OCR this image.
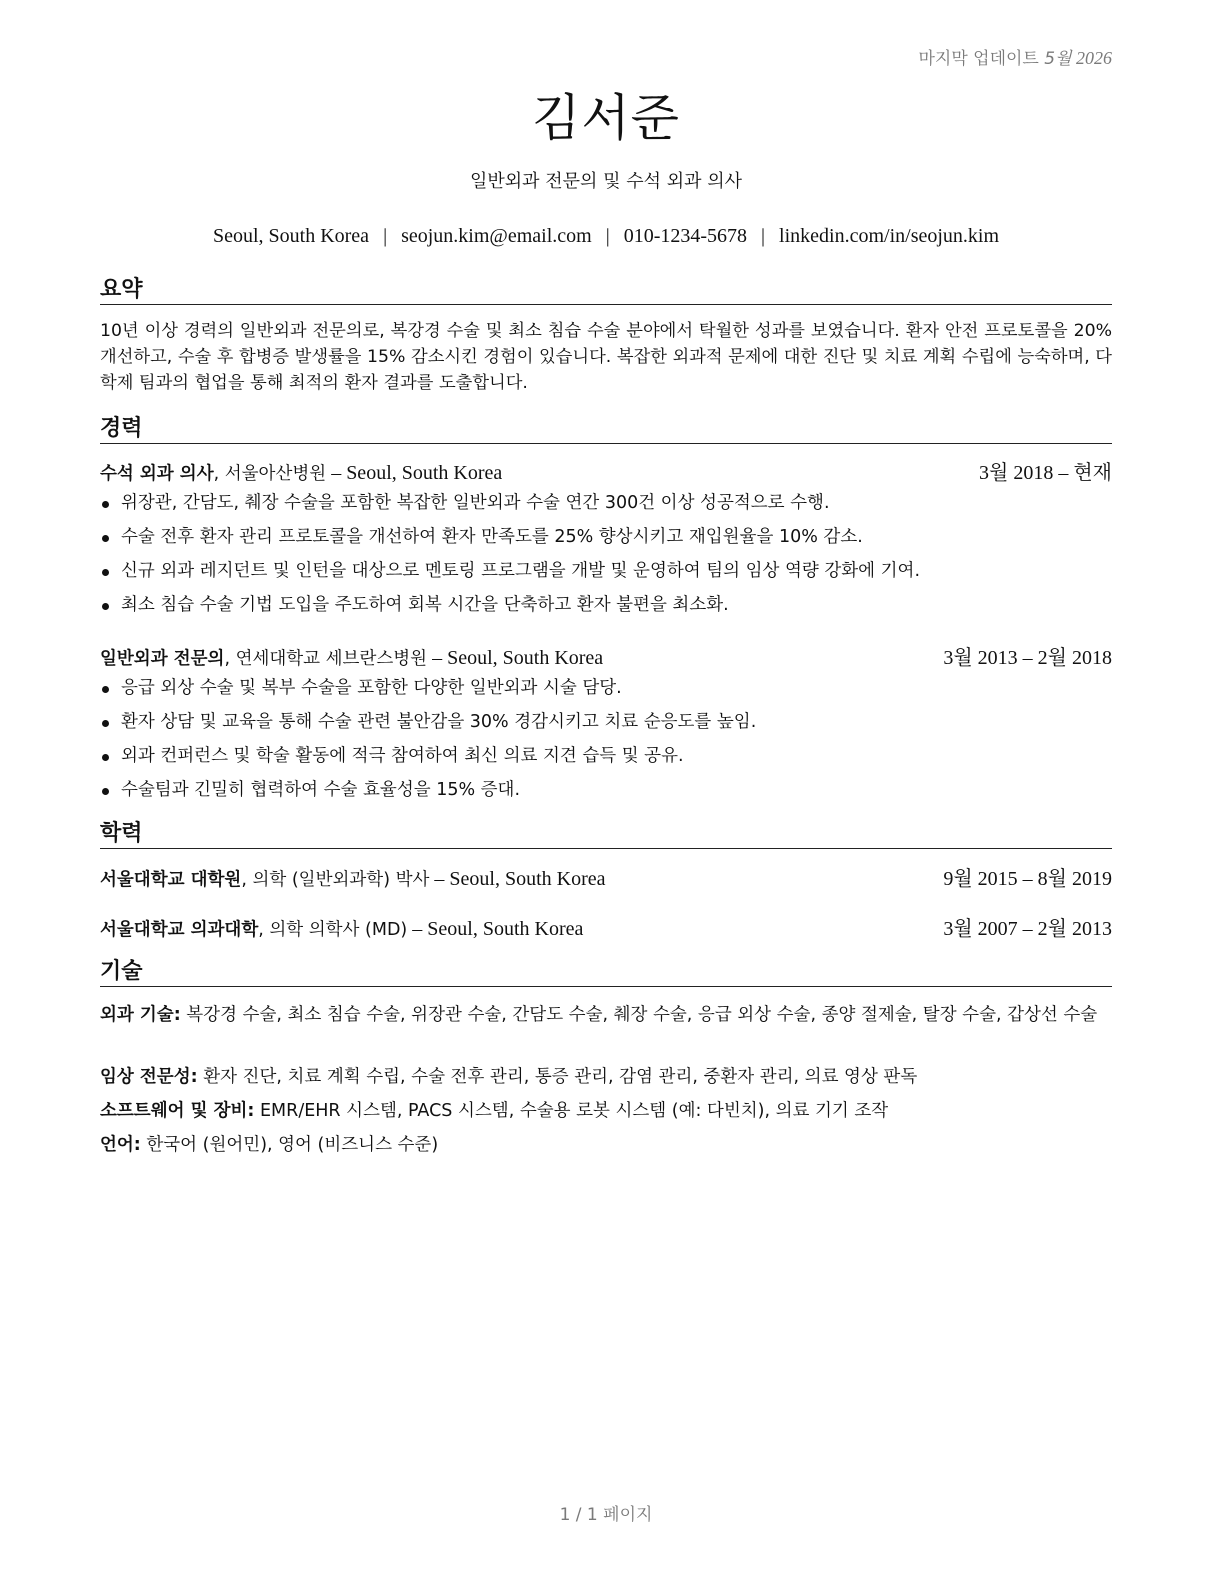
마지막 업데이트 5월 2026
김서준
일반외과 전문의 및 수석 외과 의사
Seoul, South Korea | seojun.kim@email.com | 010-1234-5678 | linkedin.com/in/seojun.kim
요약

10년 이상 경력의 일반외과 전문의로, 복강경 수술 및 최소 침습 수술 분야에서 탁월한 성과를 보였습니다. 환자 안전 프로토콜을 20% 개선하고, 수술 후 합병증 발생률을 15% 감소시킨 경험이 있습니다. 복잡한 외과적 문제에 대한 진단 및 치료 계획 수립에 능숙하며, 다학제 팀과의 협업을 통해 최적의 환자 결과를 도출합니다.

경력
수석 외과 의사, 서울아산병원 – Seoul, South Korea	3월 2018 – 현재
위장관, 간담도, 췌장 수술을 포함한 복잡한 일반외과 수술 연간 300건 이상 성공적으로 수행.
수술 전후 환자 관리 프로토콜을 개선하여 환자 만족도를 25% 향상시키고 재입원율을 10% 감소.
신규 외과 레지던트 및 인턴을 대상으로 멘토링 프로그램을 개발 및 운영하여 팀의 임상 역량 강화에 기여.
최소 침습 수술 기법 도입을 주도하여 회복 시간을 단축하고 환자 불편을 최소화.
일반외과 전문의, 연세대학교 세브란스병원 – Seoul, South Korea	3월 2013 – 2월 2018
응급 외상 수술 및 복부 수술을 포함한 다양한 일반외과 시술 담당.
환자 상담 및 교육을 통해 수술 관련 불안감을 30% 경감시키고 치료 순응도를 높임.
외과 컨퍼런스 및 학술 활동에 적극 참여하여 최신 의료 지견 습득 및 공유.
수술팀과 긴밀히 협력하여 수술 효율성을 15% 증대.
학력
서울대학교 대학원, 의학 (일반외과학) 박사 – Seoul, South Korea	9월 2015 – 8월 2019
서울대학교 의과대학, 의학 의학사 (MD) – Seoul, South Korea	3월 2007 – 2월 2013
기술
외과 기술: 복강경 수술, 최소 침습 수술, 위장관 수술, 간담도 수술, 췌장 수술, 응급 외상 수술, 종양 절제술, 탈장 수술, 갑상선 수술
임상 전문성: 환자 진단, 치료 계획 수립, 수술 전후 관리, 통증 관리, 감염 관리, 중환자 관리, 의료 영상 판독
소프트웨어 및 장비: EMR/EHR 시스템, PACS 시스템, 수술용 로봇 시스템 (예: 다빈치), 의료 기기 조작
언어: 한국어 (원어민), 영어 (비즈니스 수준)
1 / 1 페이지
